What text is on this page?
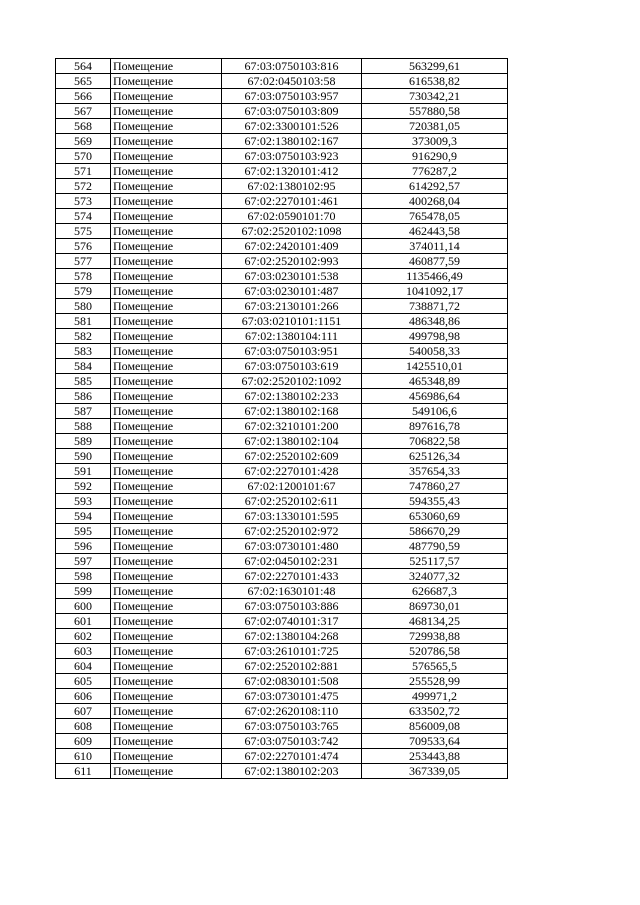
564	Помещение	67:03:0750103:816	563299,61
565	Помещение	67:02:0450103:58	616538,82
566	Помещение	67:03:0750103:957	730342,21
567	Помещение	67:03:0750103:809	557880,58
568	Помещение	67:02:3300101:526	720381,05
569	Помещение	67:02:1380102:167	373009,3
570	Помещение	67:03:0750103:923	916290,9
571	Помещение	67:02:1320101:412	776287,2
572	Помещение	67:02:1380102:95	614292,57
573	Помещение	67:02:2270101:461	400268,04
574	Помещение	67:02:0590101:70	765478,05
575	Помещение	67:02:2520102:1098	462443,58
576	Помещение	67:02:2420101:409	374011,14
577	Помещение	67:02:2520102:993	460877,59
578	Помещение	67:03:0230101:538	1135466,49
579	Помещение	67:03:0230101:487	1041092,17
580	Помещение	67:03:2130101:266	738871,72
581	Помещение	67:03:0210101:1151	486348,86
582	Помещение	67:02:1380104:111	499798,98
583	Помещение	67:03:0750103:951	540058,33
584	Помещение	67:03:0750103:619	1425510,01
585	Помещение	67:02:2520102:1092	465348,89
586	Помещение	67:02:1380102:233	456986,64
587	Помещение	67:02:1380102:168	549106,6
588	Помещение	67:02:3210101:200	897616,78
589	Помещение	67:02:1380102:104	706822,58
590	Помещение	67:02:2520102:609	625126,34
591	Помещение	67:02:2270101:428	357654,33
592	Помещение	67:02:1200101:67	747860,27
593	Помещение	67:02:2520102:611	594355,43
594	Помещение	67:03:1330101:595	653060,69
595	Помещение	67:02:2520102:972	586670,29
596	Помещение	67:03:0730101:480	487790,59
597	Помещение	67:02:0450102:231	525117,57
598	Помещение	67:02:2270101:433	324077,32
599	Помещение	67:02:1630101:48	626687,3
600	Помещение	67:03:0750103:886	869730,01
601	Помещение	67:02:0740101:317	468134,25
602	Помещение	67:02:1380104:268	729938,88
603	Помещение	67:03:2610101:725	520786,58
604	Помещение	67:02:2520102:881	576565,5
605	Помещение	67:02:0830101:508	255528,99
606	Помещение	67:03:0730101:475	499971,2
607	Помещение	67:02:2620108:110	633502,72
608	Помещение	67:03:0750103:765	856009,08
609	Помещение	67:03:0750103:742	709533,64
610	Помещение	67:02:2270101:474	253443,88
611	Помещение	67:02:1380102:203	367339,05
